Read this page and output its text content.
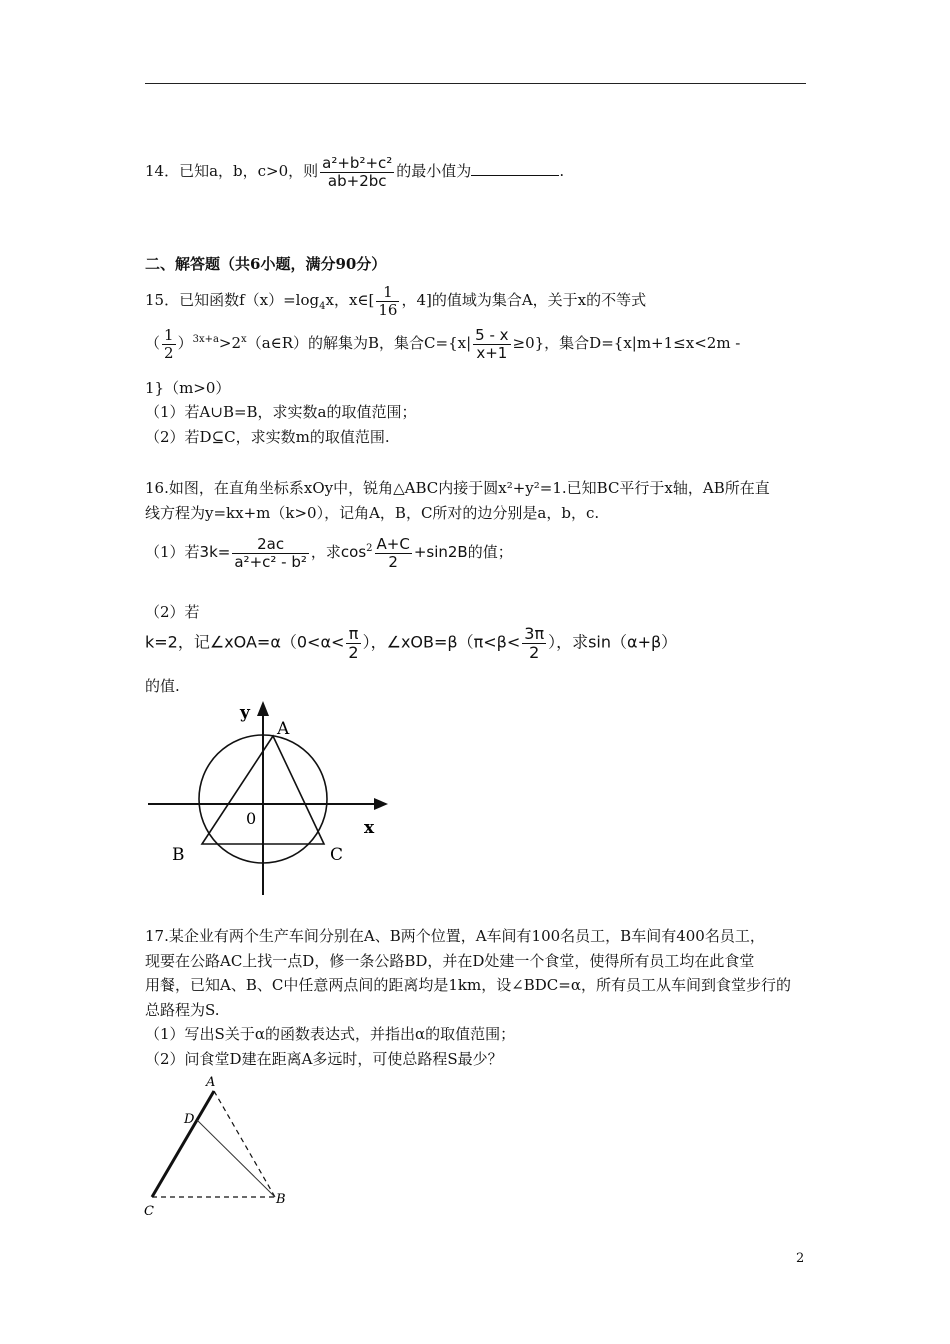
14．已知a，b，c>0，则 $\frac{\text{a²+b²+c²}}{ab+2bc}$ 的最小值为	.
二、解答题（共6小题，满分90分）
15．已知函数$f(x)=\log_4x$，x∈[ $\frac{1}{16}$ ，4]的值域为集合A，关于x的不等式
（ $\frac{1}{2}$ ）$^{3x+a}>2^x(a\in R)$的解集为B，集合$C=\{x| \frac{5 - x}{x+1} \ge 0\}$，集合D={x|m+1≤x<2m -
1}（m>0）
（1）若A∪B=B，求实数a的取值范围；
（2）若D⊆C，求实数m的取值范围.
16.如图，在直角坐标系xOy中，锐角△ABC内接于圆x²+y²=1.已知BC平行于x轴，AB所在直
线方程为y=kx+m（k>0），记角A，B，C所对的边分别是a，b，c.
（1）若$3k= \frac{2ac}{\text{a²+c² - b²}}$ ，求$\cos^2 \frac{A+C}{2} +\sin 2B$的值；
（2）若
k=2，记∠xOA=α（0<α< $\frac{\pi}{2}$ ），∠xOB=β（π<β< $\frac{3\pi}{2}$ ），求sin（α+β）
的值.
y
x
0
A
B	C
17.某企业有两个生产车间分别在A、B两个位置，A车间有100名员工，B车间有400名员工，
现要在公路AC上找一点D，修一条公路BD，并在D处建一个食堂，使得所有员工均在此食堂
用餐，已知A、B、C中任意两点间的距离均是1km，设∠BDC=α，所有员工从车间到食堂步行的
总路程为S.
（1）写出S关于α的函数表达式，并指出α的取值范围；
（2）问食堂D建在距离A多远时，可使总路程S最少？
A
D
C
B
2
